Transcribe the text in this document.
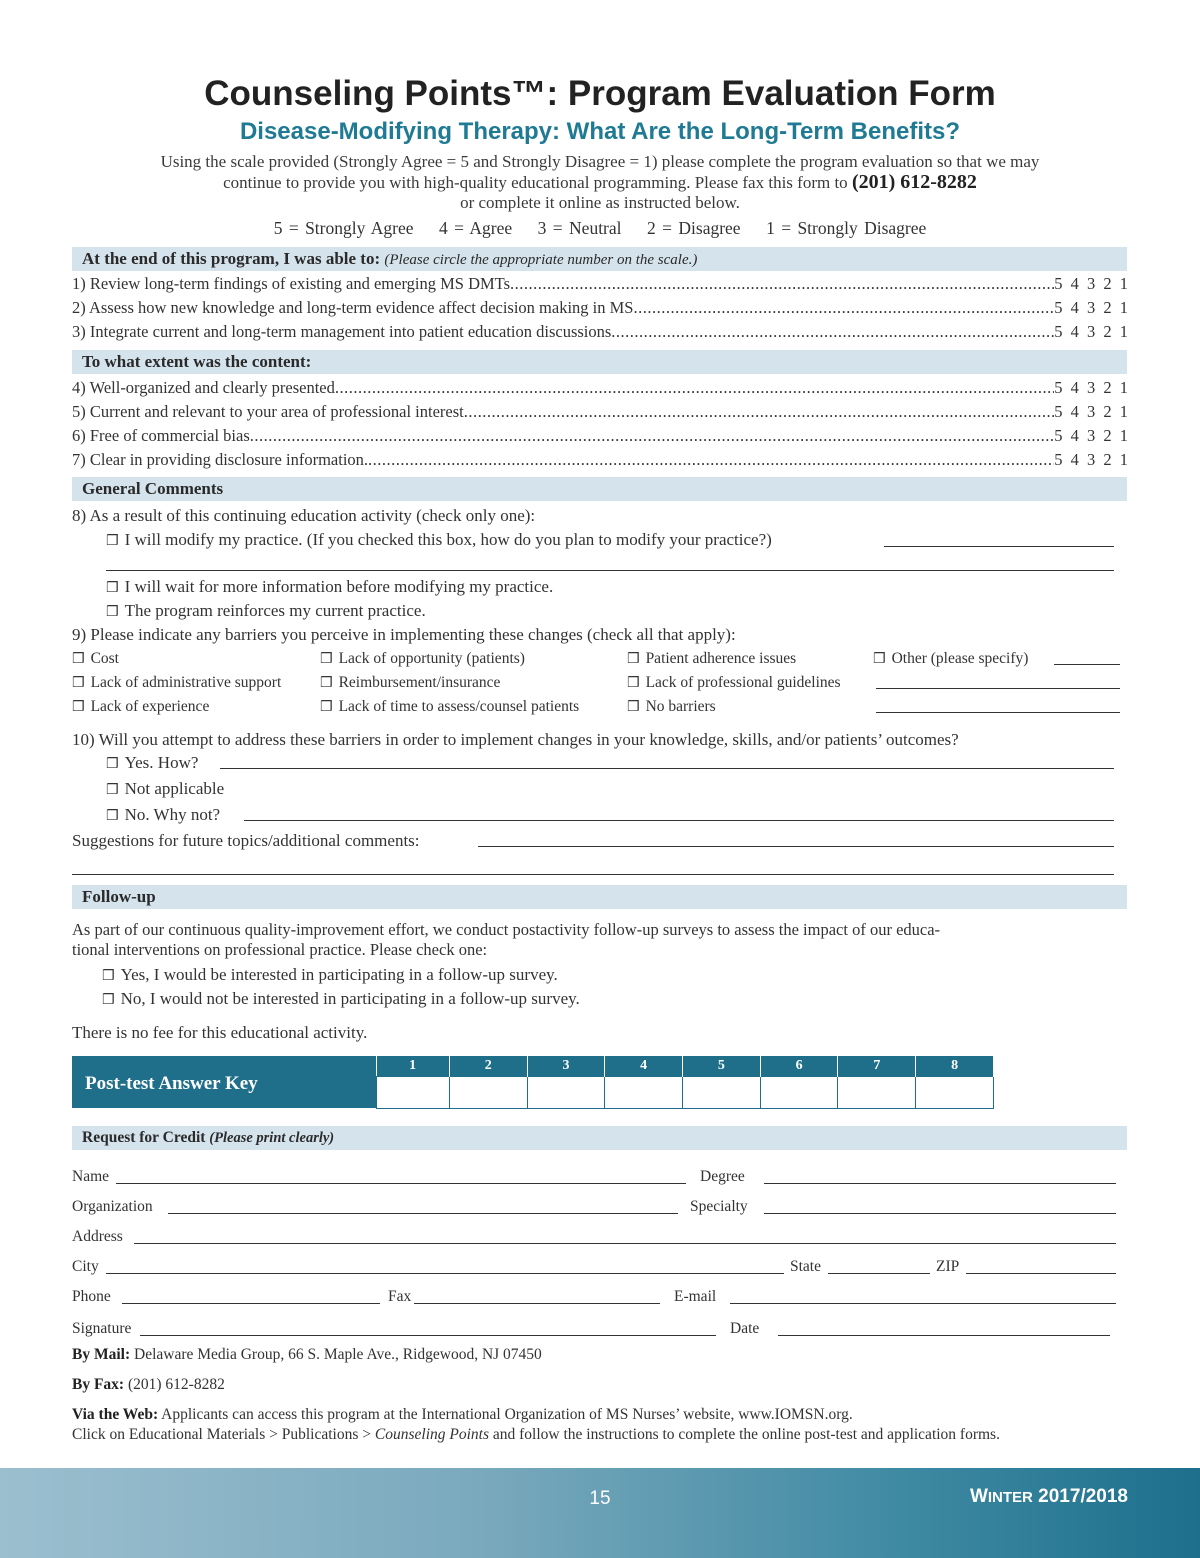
Counseling Points™: Program Evaluation Form
Disease-Modifying Therapy: What Are the Long-Term Benefits?
Using the scale provided (Strongly Agree = 5 and Strongly Disagree = 1) please complete the program evaluation so that we may
continue to provide you with high-quality educational programming. Please fax this form to (201) 612-8282
or complete it online as instructed below.
5 = Strongly Agree    4 = Agree    3 = Neutral    2 = Disagree    1 = Strongly Disagree
At the end of this program, I was able to: (Please circle the appropriate number on the scale.)
1) Review long-term findings of existing and emerging MS DMTs .....	5 4 3 2 1
2) Assess how new knowledge and long-term evidence affect decision making in MS .....	5 4 3 2 1
3) Integrate current and long-term management into patient education discussions .....	5 4 3 2 1
To what extent was the content:
4) Well-organized and clearly presented .....	5 4 3 2 1
5) Current and relevant to your area of professional interest .....	5 4 3 2 1
6) Free of commercial bias .....	5 4 3 2 1
7) Clear in providing disclosure information. .....	5 4 3 2 1
General Comments
8) As a result of this continuing education activity (check only one):
❒ I will modify my practice. (If you checked this box, how do you plan to modify your practice?)
❒ I will wait for more information before modifying my practice.
❒ The program reinforces my current practice.
9) Please indicate any barriers you perceive in implementing these changes (check all that apply):
❒ Cost	❒ Lack of opportunity (patients)	❒ Patient adherence issues	❒ Other (please specify)
❒ Lack of administrative support	❒ Reimbursement/insurance	❒ Lack of professional guidelines
❒ Lack of experience	❒ Lack of time to assess/counsel patients	❒ No barriers
10) Will you attempt to address these barriers in order to implement changes in your knowledge, skills, and/or patients’ outcomes?
❒ Yes. How?
❒ Not applicable
❒ No. Why not?
Suggestions for future topics/additional comments:
Follow-up
As part of our continuous quality-improvement effort, we conduct postactivity follow-up surveys to assess the impact of our educa-
tional interventions on professional practice. Please check one:
❒ Yes, I would be interested in participating in a follow-up survey.
❒ No, I would not be interested in participating in a follow-up survey.
There is no fee for this educational activity.
Post-test Answer Key
1	2	3	4	5	6	7	8

Request for Credit (Please print clearly)
Name	Degree
Organization	Specialty
Address
City	State	ZIP
Phone	Fax	E-mail
Signature	Date
By Mail: Delaware Media Group, 66 S. Maple Ave., Ridgewood, NJ 07450
By Fax: (201) 612-8282
Via the Web: Applicants can access this program at the International Organization of MS Nurses’ website, www.IOMSN.org.
Click on Educational Materials > Publications > Counseling Points and follow the instructions to complete the online post-test and application forms.
15	WINTER 2017/2018
